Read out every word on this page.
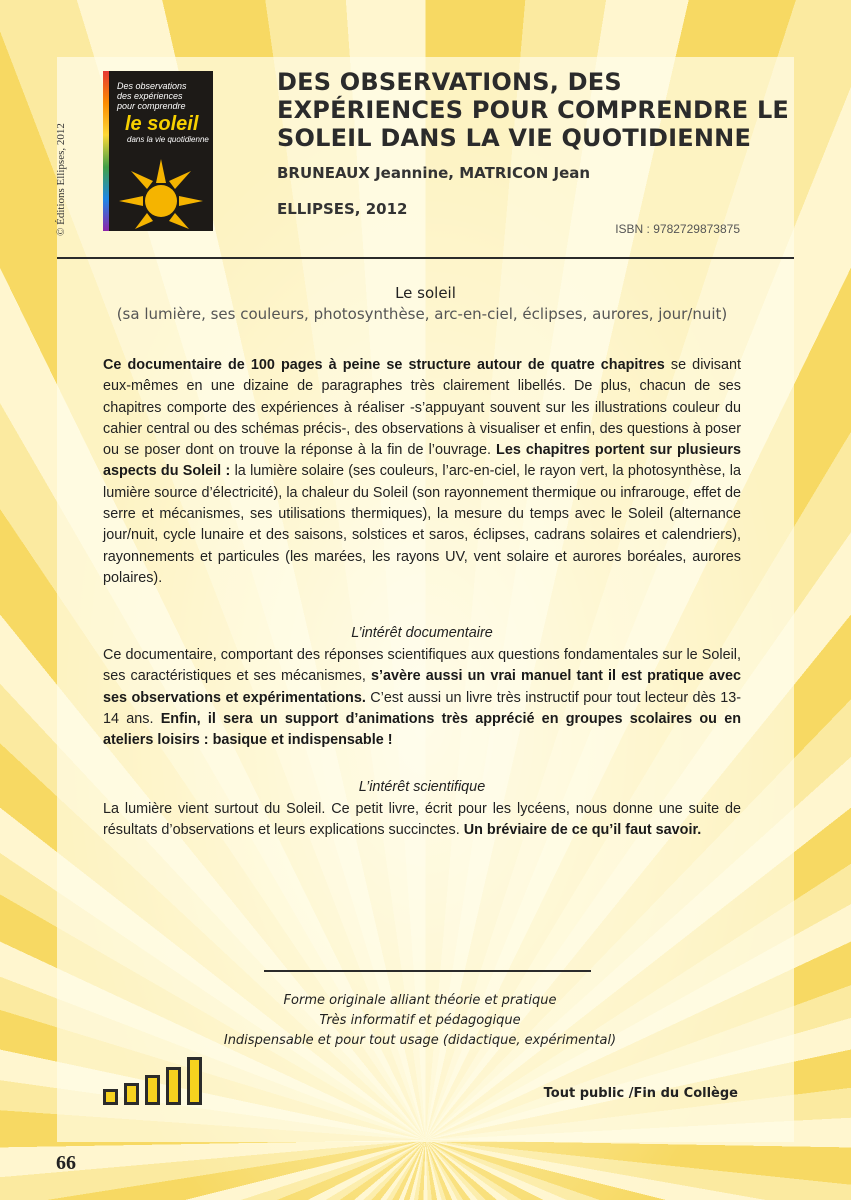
© Éditions Ellipses, 2012
Des observations
des expériences
pour comprendre
le soleil
dans la vie quotidienne
DES OBSERVATIONS, DES EXPÉRIENCES POUR COMPRENDRE LE SOLEIL DANS LA VIE QUOTIDIENNE
BRUNEAUX Jeannine, MATRICON Jean
ELLIPSES, 2012
ISBN : 9782729873875
Le soleil
(sa lumière, ses couleurs, photosynthèse, arc-en-ciel, éclipses, aurores, jour/nuit)
Ce documentaire de 100 pages à peine se structure autour de quatre chapitres se divisant eux-mêmes en une dizaine de paragraphes très clairement libellés. De plus, chacun de ses chapitres comporte des expériences à réaliser -s’appuyant souvent sur les illustrations couleur du cahier central ou des schémas précis-, des observations à visualiser et enfin, des questions à poser ou se poser dont on trouve la réponse à la fin de l’ouvrage. Les chapitres portent sur plusieurs aspects du Soleil : la lumière solaire (ses couleurs, l’arc-en-ciel, le rayon vert, la photosynthèse, la lumière source d’électricité), la chaleur du Soleil (son rayonnement thermique ou infrarouge, effet de serre et mécanismes, ses utilisations thermiques), la mesure du temps avec le Soleil (alternance jour/nuit, cycle lunaire et des saisons, solstices et saros, éclipses, cadrans solaires et calendriers), rayonnements et particules (les marées, les rayons UV, vent solaire et aurores boréales, aurores polaires).
L’intérêt documentaire
Ce documentaire, comportant des réponses scientifiques aux questions fondamentales sur le Soleil, ses caractéristiques et ses mécanismes, s’avère aussi un vrai manuel tant il est pratique avec ses observations et expérimentations. C’est aussi un livre très instructif pour tout lecteur dès 13-14 ans. Enfin, il sera un support d’animations très apprécié en groupes scolaires ou en ateliers loisirs : basique et indispensable !
L’intérêt scientifique
La lumière vient surtout du Soleil. Ce petit livre, écrit pour les lycéens, nous donne une suite de résultats d’observations et leurs explications succinctes. Un bréviaire de ce qu’il faut savoir.
Forme originale alliant théorie et pratique
Très informatif et pédagogique
Indispensable et pour tout usage (didactique, expérimental)
Tout public /Fin du Collège
66
